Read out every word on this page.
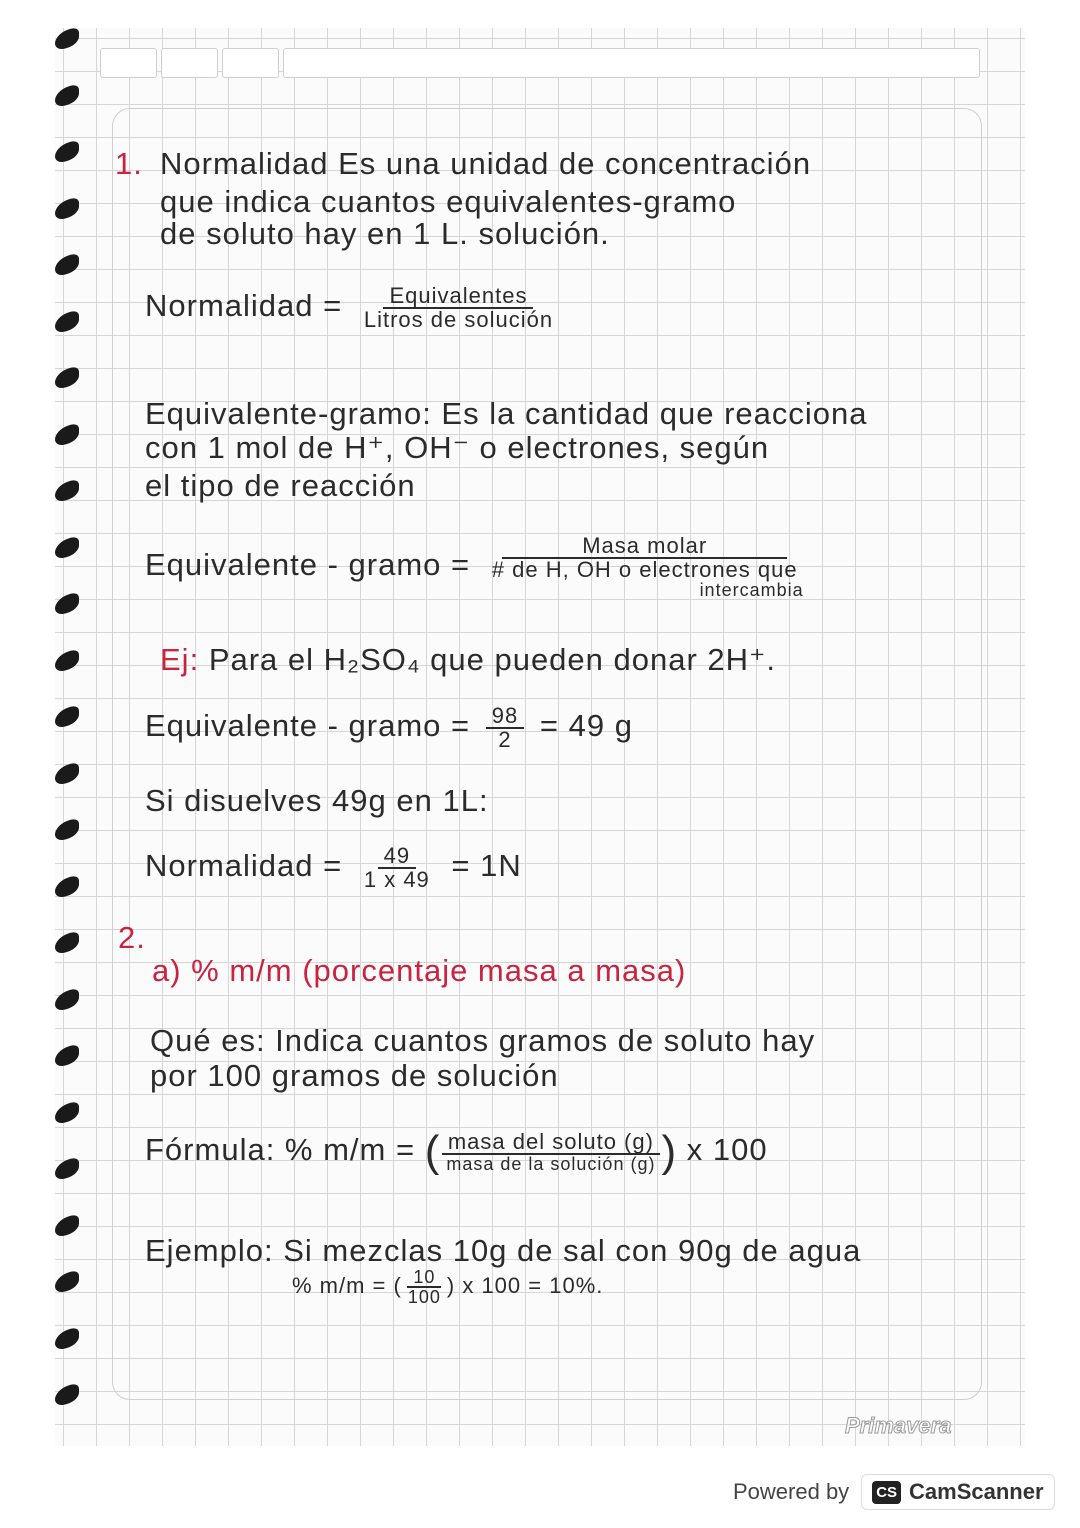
1. Normalidad Es una unidad de concentración
que indica cuantos equivalentes-gramo
de soluto hay en 1 L. solución.
Normalidad = $\frac{\text{Equivalentes}}{\text{Litros de solución}}$
Equivalente-gramo: Es la cantidad que reacciona
con 1 mol de H⁺, OH⁻ o electrones, según
el tipo de reacción
Equivalente - gramo =
Masa molar
# de H, OH o electrones que
intercambia
Ej: Para el H₂SO₄ que pueden donar 2H⁺.
Equivalente - gramo = $\frac{98}{2} = 49$ g
Si disuelves 49g en 1L:
Normalidad = $\frac{49}{1 x 49} = 1N$
2.
a) % m/m (porcentaje masa a masa)
Qué es: Indica cuantos gramos de soluto hay
por 100 gramos de solución
Fórmula: % m/m = ( $\frac{\text{masa del soluto (g)}}{\text{masa de la solución (g)}}$ ) x 100
Ejemplo: Si mezclas 10g de sal con 90g de agua
% m/m = ( $\frac{10}{100}$ ) x 100 = 10%.
Primavera
Powered by CS CamScanner
